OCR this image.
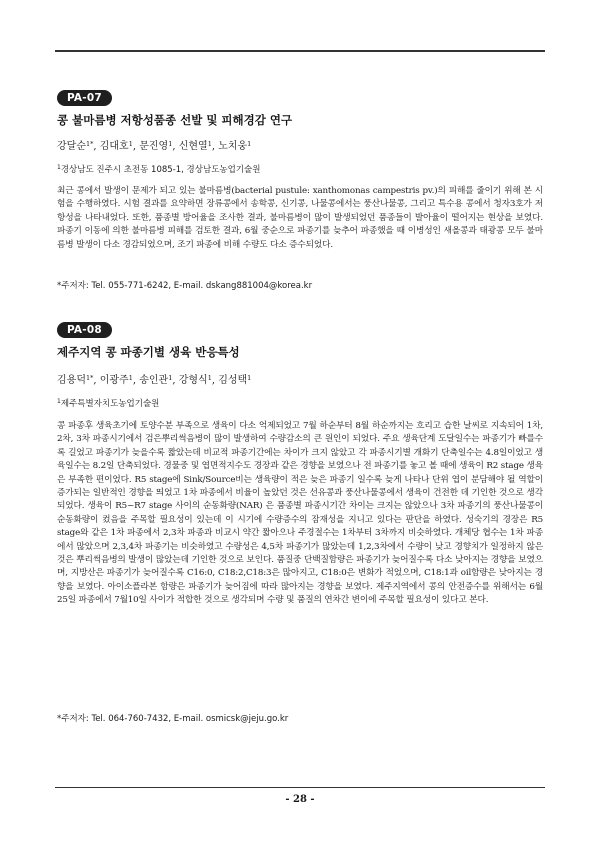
PA-07
콩 불마름병 저항성품종 선발 및 피해경감 연구

강달순$^{1*}$, 김대호$^1$, 문진영$^1$, 신현열$^1$, 노치웅$^1$

$^1$경상남도 진주시 초전동 1085-1, 경상남도농업기술원

최근 콩에서 발생이 문제가 되고 있는 불마름병(bacterial pustule: xanthomonas campestris pv.)의 피해를 줄이기 위해 본 시험을 수행하였다. 시험 결과를 요약하면 장류콩에서 송학콩, 신기콩, 나물콩에서는 풍산나물콩, 그리고 특수용 콩에서 청자3호가 저항성을 나타내었다. 또한, 품종별 방어율을 조사한 결과, 불마름병이 많이 발생되었던 품종들이 발아율이 떨어지는 현상을 보였다. 파종기 이동에 의한 불마름병 피해를 검토한 결과, 6월 중순으로 파종기를 늦추어 파종했을 때 이병성인 새올콩과 태광콩 모두 불마름병 발생이 다소 경감되었으며, 조기 파종에 비해 수량도 다소 증수되었다.

*주저자: Tel. 055-771-6242, E-mail. dskang881004@korea.kr

PA-08
제주지역 콩 파종기별 생육 반응특성

김용덕$^{1*}$, 이광주$^1$, 송인관$^1$, 강형식$^1$, 김성택$^1$

$^1$제주특별자치도농업기술원

콩 파종후 생육초기에 토양수분 부족으로 생육이 다소 억제되었고 7월 하순부터 8월 하순까지는 흐리고 습한 날씨로 지속되어 1차, 2차, 3차 파종시기에서 검은뿌리썩음병이 많이 발생하여 수량감소의 큰 원인이 되었다. 주요 생육단계 도달일수는 파종기가 빠를수록 길었고 파종기가 늦을수록 짧았는데 비교적 파종기간에는 차이가 크지 않았고 각 파종시기별 개화기 단축일수는 4.8일이었고 생육일수는 8.2일 단축되었다. 경물중 및 엽면적지수도 경장과 같은 경향을 보였으나 전 파종기를 놓고 볼 때에 생육이 R2 stage 생육은 부족한 편이었다. R5 stage에 Sink/Source비는 생육량이 적은 늦은 파종기 일수록 늦게 나타나 단위 엽이 분담해야 될 역할이 증가되는 일반적인 경향을 띄었고 1차 파종에서 비율이 높았던 것은 선유콩과 풍산나물콩에서 생육이 건전한 데 기인한 것으로 생각되었다. 생육이 R5~R7 stage 사이의 순동화량(NAR) 은 품종별 파종시기간 차이는 크지는 않았으나 3차 파종기의 풍산나물콩이 순동화량이 컸음을 주목할 필요성이 있는데 이 시기에 수량증수의 잠재성을 지니고 있다는 판단을 하였다. 성숙기의 경장은 R5 stage와 같은 1차 파종에서 2,3차 파종과 비교시 약간 짧아으나 주경절수는 1차부터 3차까지 비슷하였다. 개체당 협수는 1차 파종에서 많았으며 2,3,4차 파종기는 비슷하였고 수량성은 4,5차 파종기가 많았는데 1,2,3차에서 수량이 낮고 경향치가 일정하지 않은 것은 뿌리썩음병의 발생이 많았는데 기인한 것으로 보인다. 품질중 단백질함량은 파종기가 늦어질수록 다소 낮아지는 경향을 보였으며, 지방산은 파종기가 늦어질수록 C16:0, C18:2,C18:3은 많아지고, C18:0은 변화가 적었으며, C18:1과 oil함량은 낮아지는 경향을 보였다. 아이소플라본 함량은 파종기가 늦어짐에 따라 많아지는 경향을 보였다. 제주지역에서 콩의 안전증수를 위해서는 6월25일 파종에서 7월10일 사이가 적합한 것으로 생각되며 수량 및 품질의 연차간 변이에 주목할 필요성이 있다고 본다.

*주저자: Tel. 064-760-7432, E-mail. osmicsk@jeju.go.kr

- 28 -
